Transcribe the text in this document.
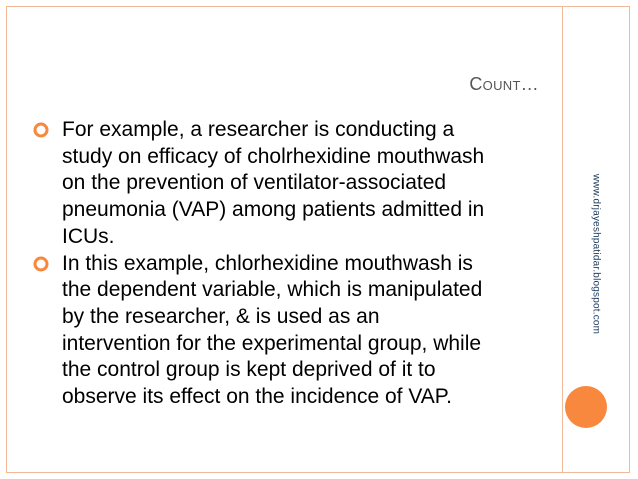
www.drjayeshpatidar.blogspot.com
Count…
For example, a researcher is conducting a
study on efficacy of cholrhexidine mouthwash
on the prevention of ventilator-associated
pneumonia (VAP) among patients admitted in
ICUs.
In this example, chlorhexidine mouthwash is
the dependent variable, which is manipulated
by the researcher, & is used as an
intervention for the experimental group, while
the control group is kept deprived of it to
observe its effect on the incidence of VAP.
